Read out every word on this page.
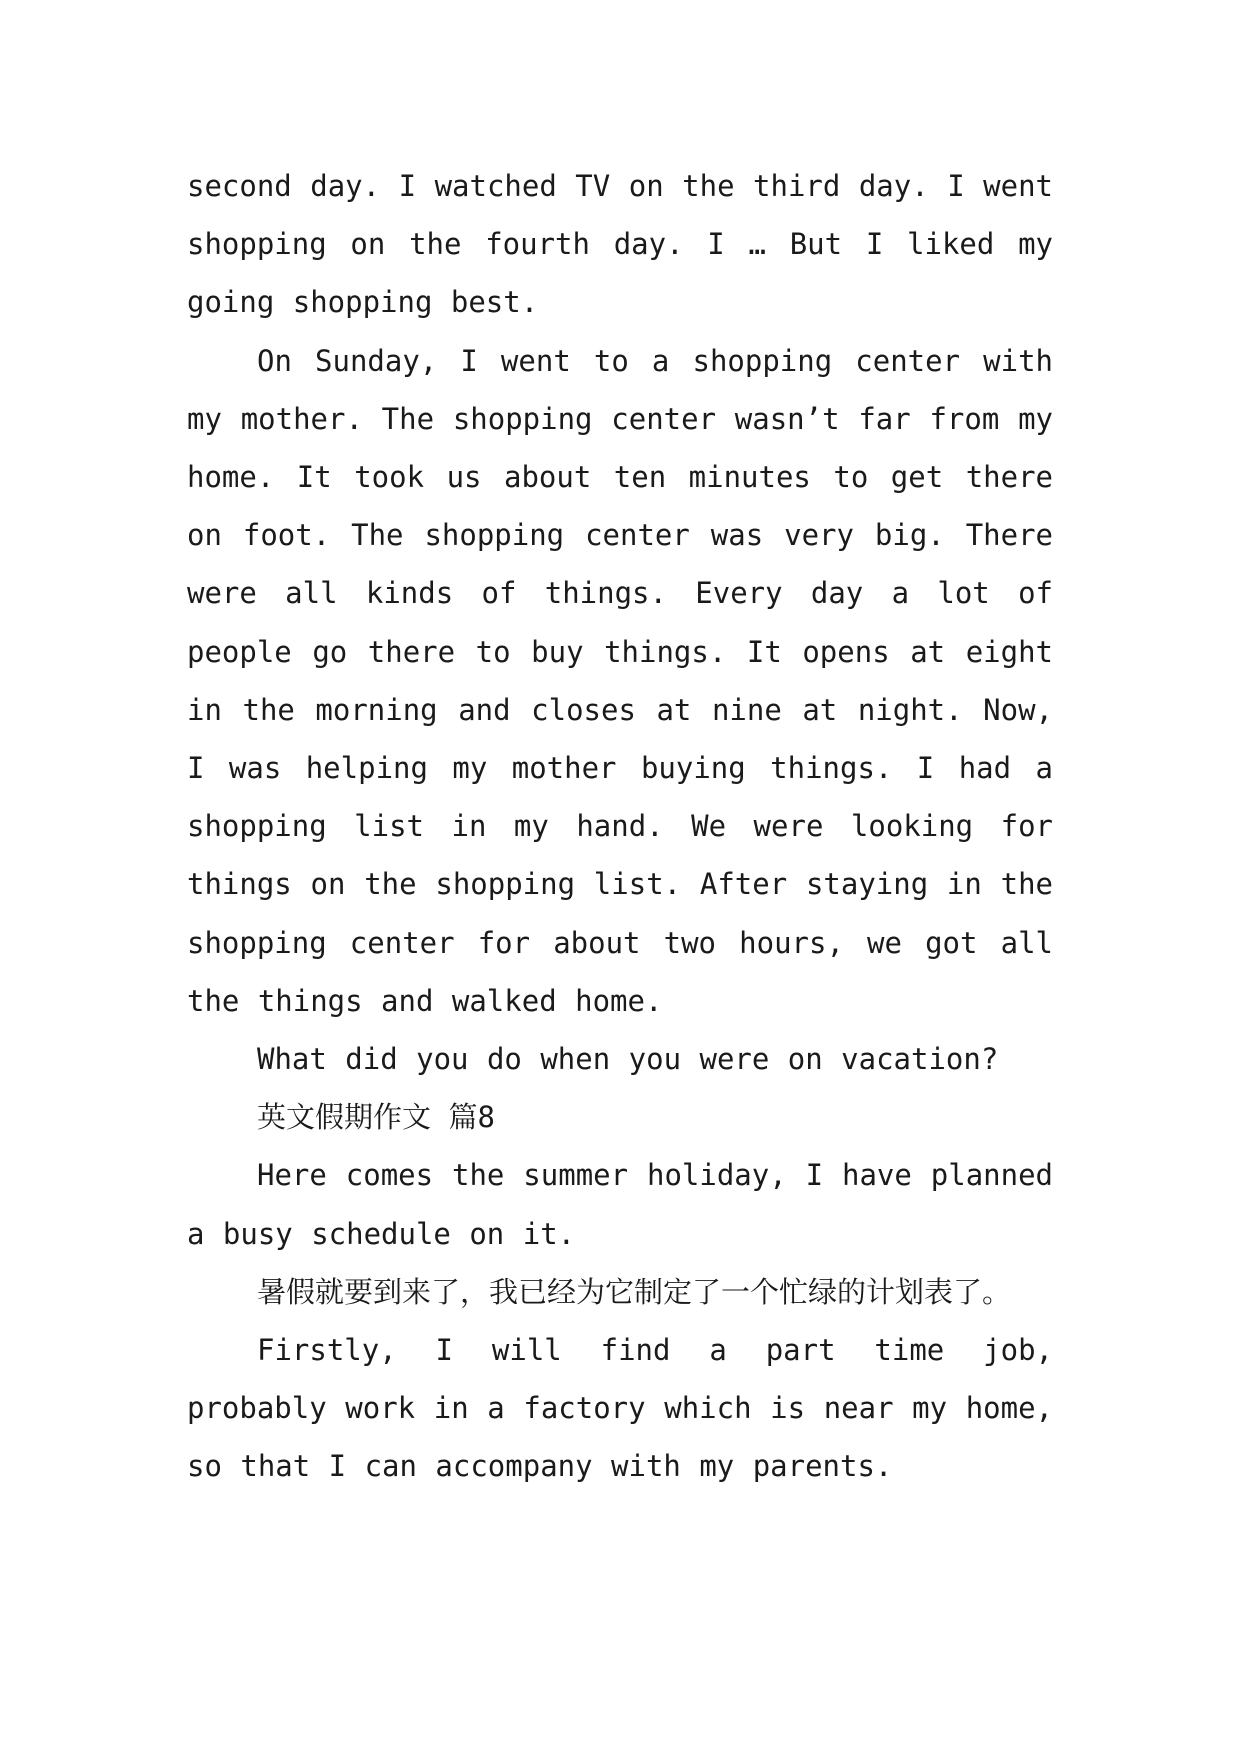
second day. I watched TV on the third day. I went shopping on the fourth day. I … But I liked my going shopping best.

On Sunday, I went to a shopping center with my mother. The shopping center wasn’t far from my home. It took us about ten minutes to get there on foot. The shopping center was very big. There were all kinds of things. Every day a lot of people go there to buy things. It opens at eight in the morning and closes at nine at night. Now, I was helping my mother buying things. I had a shopping list in my hand. We were looking for things on the shopping list. After staying in the shopping center for about two hours, we got all the things and walked home.

What did you do when you were on vacation?

英文假期作文 篇8

Here comes the summer holiday, I have planned a busy schedule on it.

暑假就要到来了，我已经为它制定了一个忙绿的计划表了。

Firstly, I will find a part time job, probably work in a factory which is near my home, so that I can accompany with my parents.
